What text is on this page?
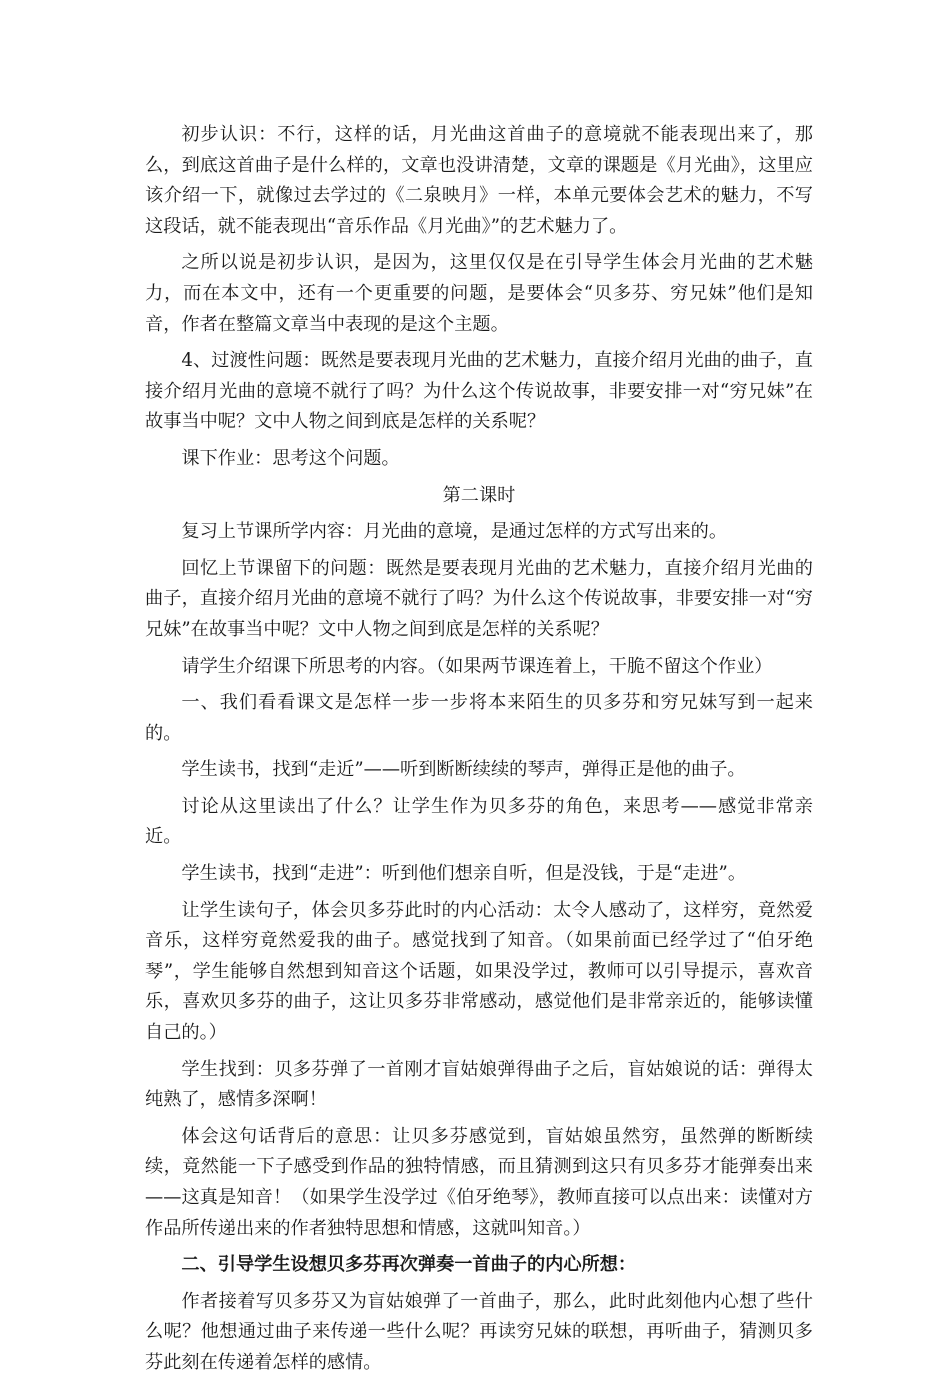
初步认识：不行，这样的话，月光曲这首曲子的意境就不能表现出来了，那么，到底这首曲子是什么样的，文章也没讲清楚，文章的课题是《月光曲》，这里应该介绍一下，就像过去学过的《二泉映月》一样，本单元要体会艺术的魅力，不写这段话，就不能表现出“音乐作品《月光曲》”的艺术魅力了。

之所以说是初步认识，是因为，这里仅仅是在引导学生体会月光曲的艺术魅力，而在本文中，还有一个更重要的问题，是要体会“贝多芬、穷兄妹”他们是知音，作者在整篇文章当中表现的是这个主题。

4、过渡性问题：既然是要表现月光曲的艺术魅力，直接介绍月光曲的曲子，直接介绍月光曲的意境不就行了吗？为什么这个传说故事，非要安排一对“穷兄妹”在故事当中呢？文中人物之间到底是怎样的关系呢？

课下作业：思考这个问题。

第二课时

复习上节课所学内容：月光曲的意境，是通过怎样的方式写出来的。

回忆上节课留下的问题：既然是要表现月光曲的艺术魅力，直接介绍月光曲的曲子，直接介绍月光曲的意境不就行了吗？为什么这个传说故事，非要安排一对“穷兄妹”在故事当中呢？文中人物之间到底是怎样的关系呢？

请学生介绍课下所思考的内容。（如果两节课连着上，干脆不留这个作业）

一、我们看看课文是怎样一步一步将本来陌生的贝多芬和穷兄妹写到一起来的。

学生读书，找到“走近”——听到断断续续的琴声，弹得正是他的曲子。

讨论从这里读出了什么？让学生作为贝多芬的角色，来思考——感觉非常亲近。

学生读书，找到“走进”：听到他们想亲自听，但是没钱，于是“走进”。

让学生读句子，体会贝多芬此时的内心活动：太令人感动了，这样穷，竟然爱音乐，这样穷竟然爱我的曲子。感觉找到了知音。（如果前面已经学过了“伯牙绝琴”，学生能够自然想到知音这个话题，如果没学过，教师可以引导提示，喜欢音乐，喜欢贝多芬的曲子，这让贝多芬非常感动，感觉他们是非常亲近的，能够读懂自己的。）

学生找到：贝多芬弹了一首刚才盲姑娘弹得曲子之后，盲姑娘说的话：弹得太纯熟了，感情多深啊！

体会这句话背后的意思：让贝多芬感觉到，盲姑娘虽然穷，虽然弹的断断续续，竟然能一下子感受到作品的独特情感，而且猜测到这只有贝多芬才能弹奏出来——这真是知音！（如果学生没学过《伯牙绝琴》，教师直接可以点出来：读懂对方作品所传递出来的作者独特思想和情感，这就叫知音。）

二、引导学生设想贝多芬再次弹奏一首曲子的内心所想：

作者接着写贝多芬又为盲姑娘弹了一首曲子，那么，此时此刻他内心想了些什么呢？他想通过曲子来传递一些什么呢？再读穷兄妹的联想，再听曲子，猜测贝多芬此刻在传递着怎样的感情。
